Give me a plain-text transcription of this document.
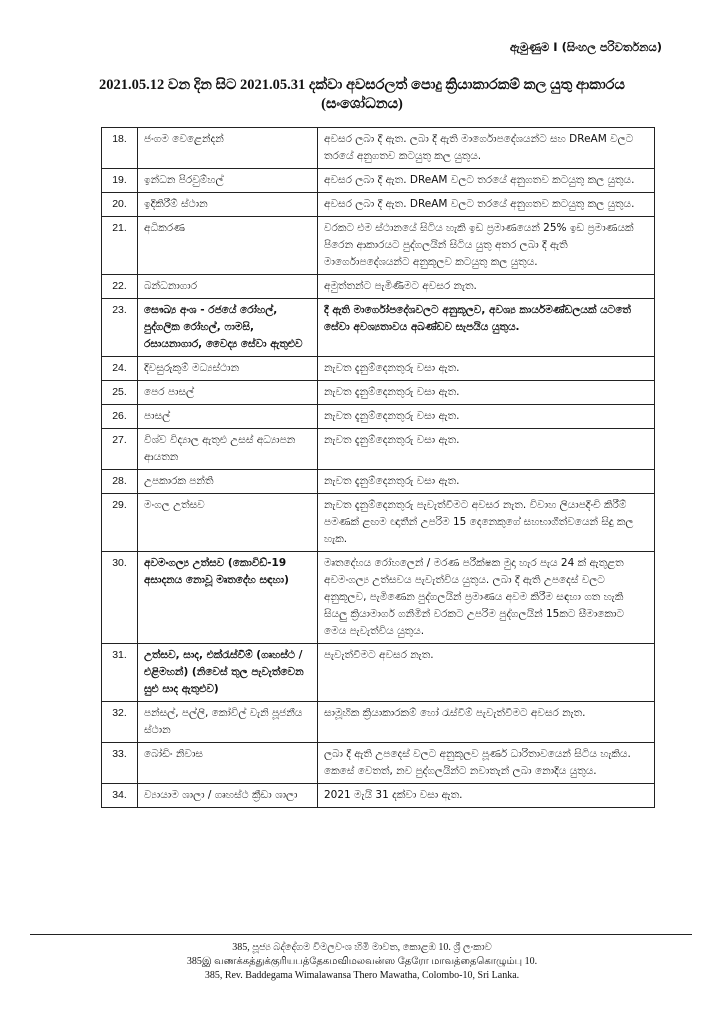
ඇමුණුම I (සිංහල පරිවර්තනය)
2021.05.12 වන දින සිට 2021.05.31 දක්වා අවසරලත් පොදු ක්‍රියාකාරකම් කල යුතු ආකාරය
(සංශෝධනය)
18.	ජංගම වෙළෙන්දන්	අවසර ලබා දී ඇත. ලබා දී ඇති මාර්ගොපදේශයන්ට සහ DReAM වලට තරයේ අනුගතව කටයුතු කල යුතුය.
19.	ඉන්ධන පිරවුම්හල්	අවසර ලබා දී ඇත. DReAM වලට තරයේ අනුගතව කටයුතු කල යුතුය.
20.	ඉදිකිරීම් ස්ථාන	අවසර ලබා දී ඇත. DReAM වලට තරයේ අනුගතව කටයුතු කල යුතුය.
21.	අධිකරණ	වරකට එම ස්ථානයේ සිටිය හැකි ඉඩ ප්‍රමාණයෙන් 25% ඉඩ ප්‍රමාණයක් පිරෙන ආකාරයට පුද්ගලයින් සිටිය යුතු අතර ලබා දී ඇති මාර්ගොපදේශයන්ට අනුකූලව කටයුතු කල යුතුය.
22.	බන්ධනාගාර	අමුත්තන්ට පැමිණීමට අවසර නැත.
23.	සෞඛ්‍ය අංශ - රජයේ රෝහල්, පුද්ගලික රෝහල්, ෆාමසි, රසායනාගාර, වෛද්‍ය සේවා ඇතුළුව	දී ඇති මාර්ගෝපදේශවලට අනුකූලව, අවශ්‍ය කාර්යමණ්ඩලයක් යටතේ සේවා අවශ්‍යතාවය අඛණ්ඩව සැපයිය යුතුය.
24.	දිවසුරුකුම් මධ්‍යස්ථාන	නැවත දැනුම්දෙනතුරු වසා ඇත.
25.	පෙර පාසල්	නැවත දැනුම්දෙනතුරු වසා ඇත.
26.	පාසල්	නැවත දැනුම්දෙනතුරු වසා ඇත.
27.	විශ්ව විද්‍යාල ඇතුළු උසස් අධ්‍යාපන ආයතන	නැවත දැනුම්දෙනතුරු වසා ඇත.
28.	උපකාරක පන්ති	නැවත දැනුම්දෙනතුරු වසා ඇත.
29.	මංගල උත්සව	නැවත දැනුම්දෙනතුරු පැවැත්වීමට අවසර නැත. විවාහ ලියාපදිංචි කිරීම් පමණක් ළඟම ඥාතීන් උපරිම 15 දෙනෙකුගේ සහභාගීත්වයෙන් සිදු කල හැක.
30.	අවමංගල්‍ය උත්සව (කොවිඩ්-19 අසාදනය නොවූ මෘතදේහ සඳහා)	මෘතදේහය රෝහලෙන් / මරණ පරීක්ෂක මුදා හැර පැය 24 ක් ඇතුළත අවමංගල්‍ය උත්සවය පැවැත්විය යුතුය. ලබා දී ඇති උපදෙස් වලට අනුකූලව, පැමිණෙන පුද්ගලයින් ප්‍රමාණය අවම කිරීම සඳහා ගත හැකි සියලු ක්‍රියාමාර්ග ගනිමින් වරකට උපරිම පුද්ගලයින් 15කට සීමාකොට මෙය පැවැත්විය යුතුය.
31.	උත්සව, සාද, එක්රැස්වීම් (ගෘහස්ථ / එළිමහන්) (නිවෙස් තුල පැවැත්වෙන සුළු සාද ඇතුළුව)	පැවැත්වීමට අවසර නැත.
32.	පන්සල්, පල්ලි, කෝවිල් වැනි පූජනීය ස්ථාන	සාමූහික ක්‍රියාකාරකම් හෝ රැස්වීම් පැවැත්වීමට අවසර නැත.
33.	බෝඩිං නිවාස	ලබා දී ඇති උපදෙස් වලට අනුකූලව පූර්ණ ධාරිතාවයෙන් සිටිය හැකිය. කෙසේ වෙතත්, නව පුද්ගලයින්ට නවාතැන් ලබා නොදිය යුතුය.
34.	ව්‍යායාම ශාලා / ගෘහස්ථ ක්‍රීඩා ශාලා	2021 මැයි 31 දක්වා වසා ඇත.
385, පූජ්‍ය බද්දේගම විමලවංශ හිමි මාවත, කොළඹ 10. ශ්‍රී ලංකාව
385இ வணக்கத்துக்குரியபத்தேகமவிமலவன்ஸ தேரோ மாவத்தைகொழும்பு 10.
385, Rev. Baddegama Wimalawansa Thero Mawatha, Colombo-10, Sri Lanka.
